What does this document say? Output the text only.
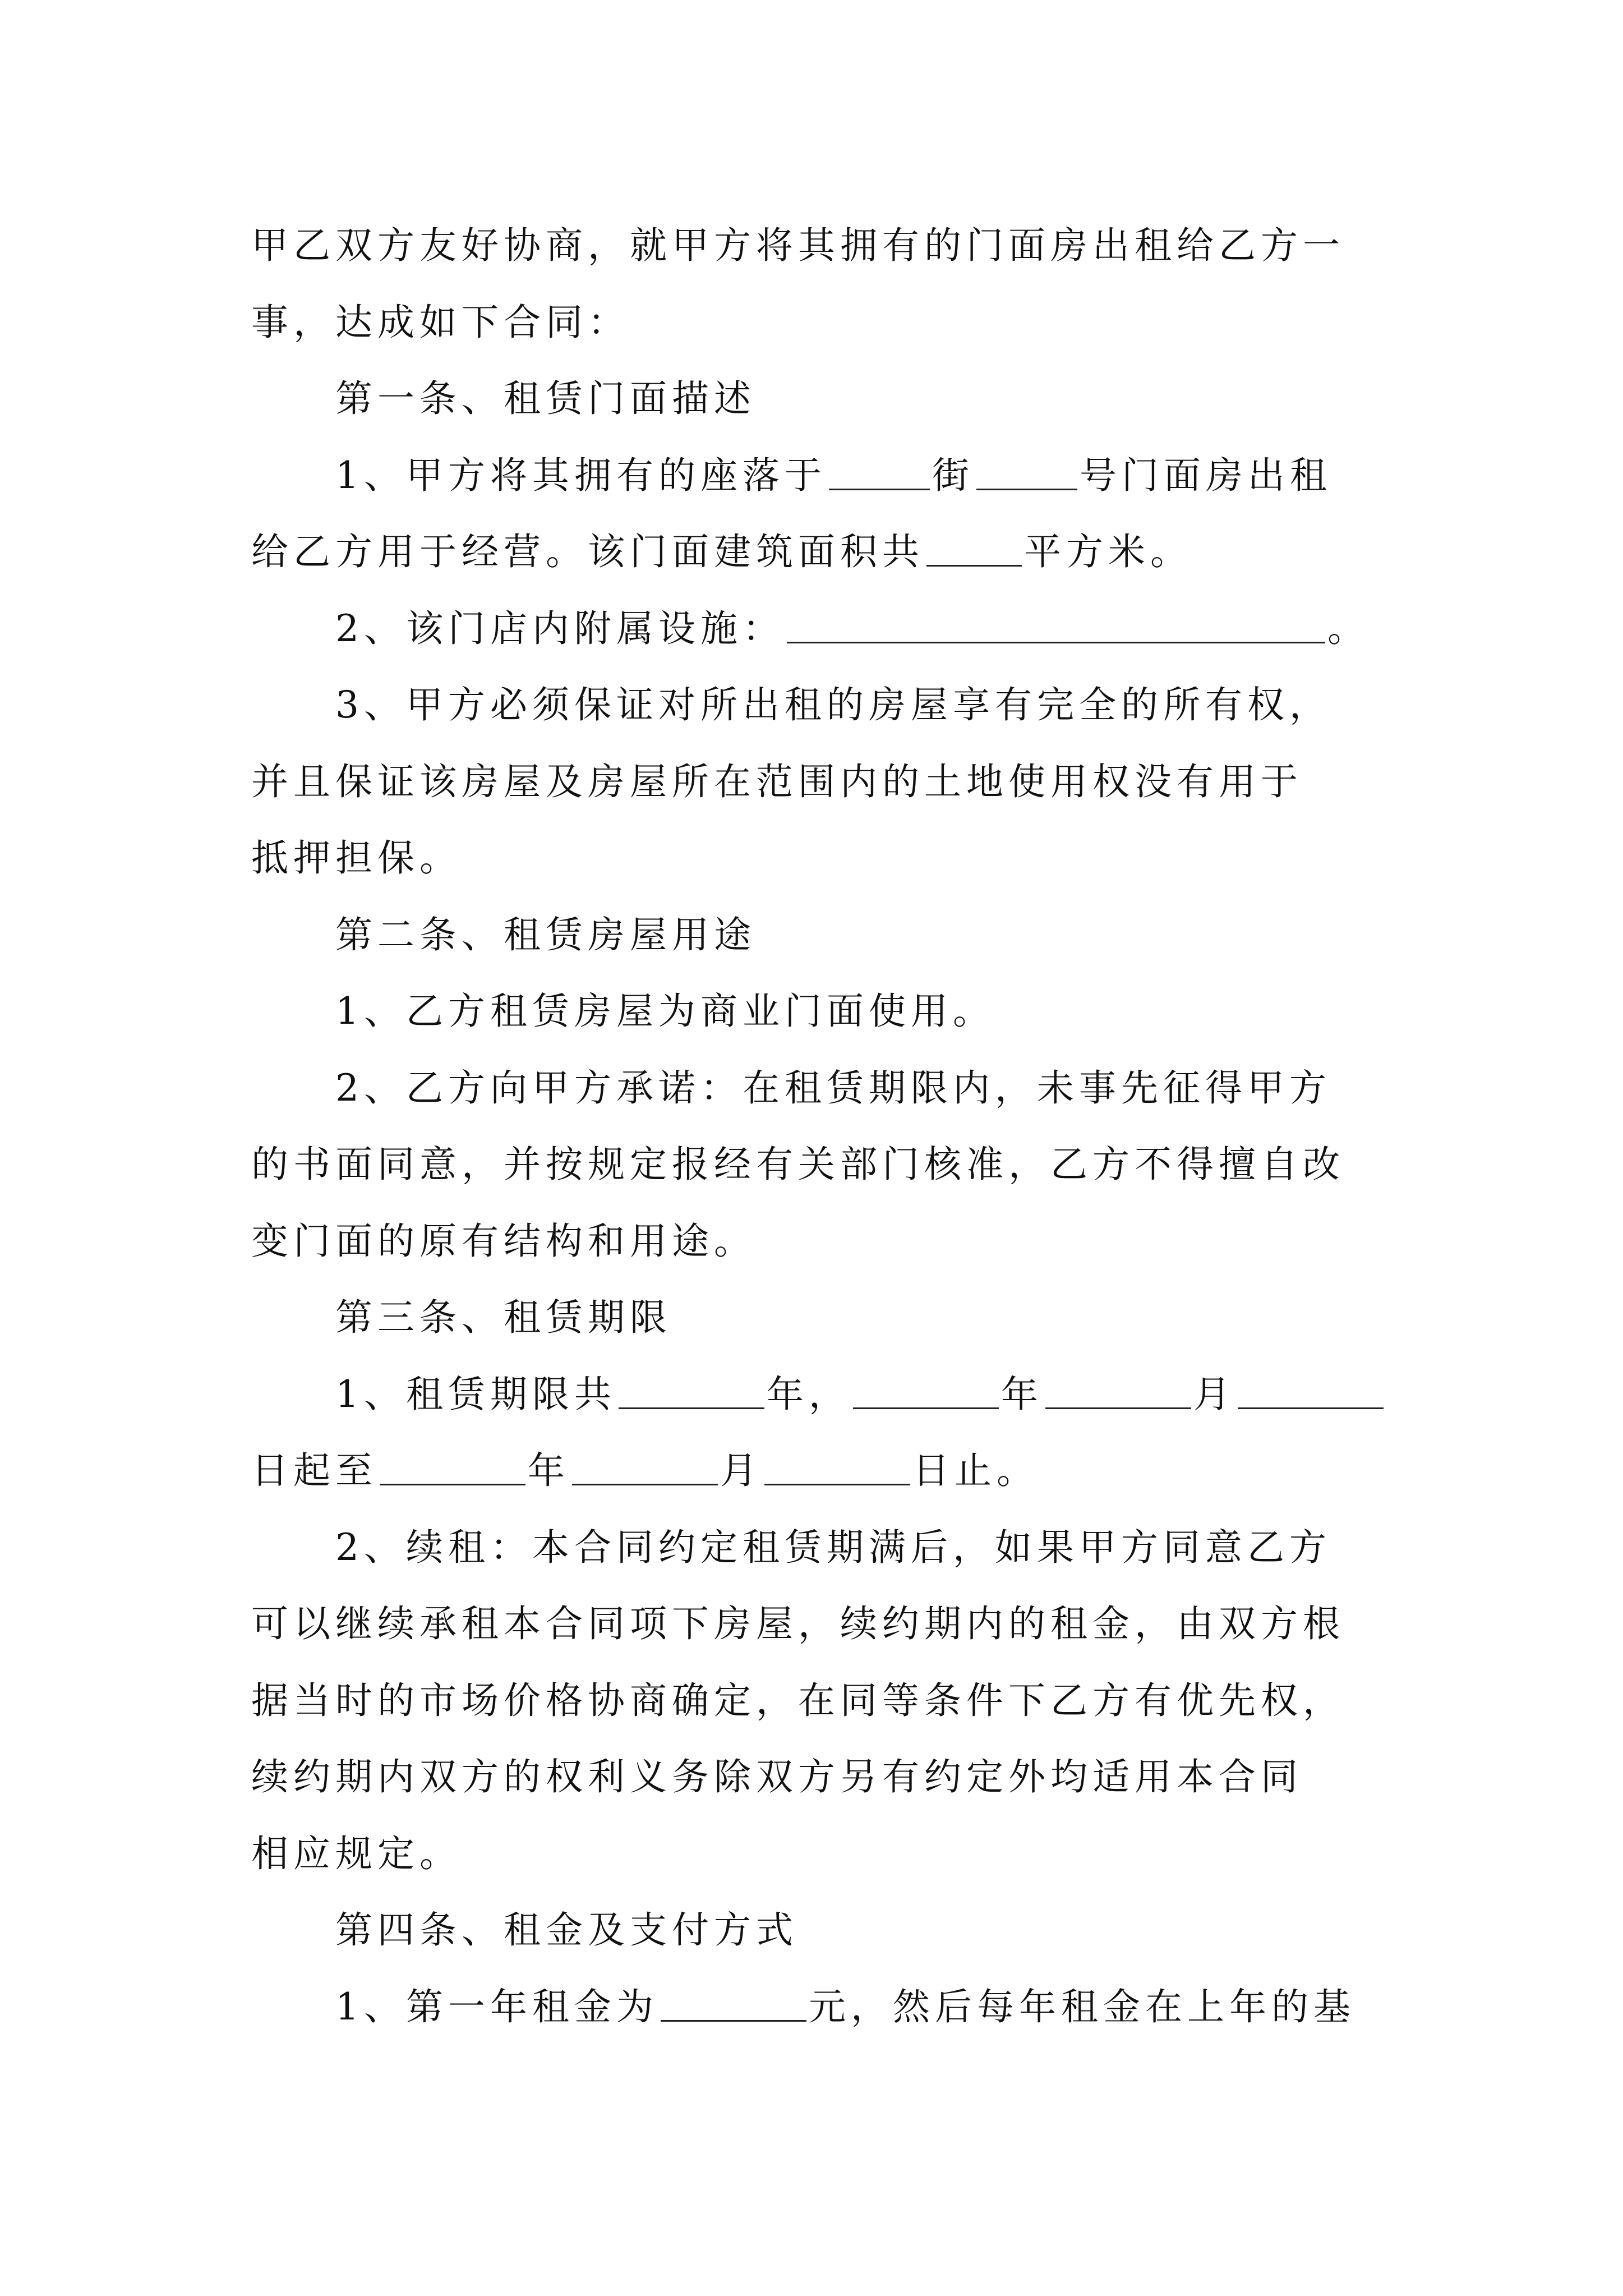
甲乙双方友好协商，就甲方将其拥有的门面房出租给乙方一
事，达成如下合同：
第一条、租赁门面描述
1、甲方将其拥有的座落于	街	号门面房出租
给乙方用于经营。该门面建筑面积共	平方米。
2、该门店内附属设施：	。
3、甲方必须保证对所出租的房屋享有完全的所有权，
并且保证该房屋及房屋所在范围内的土地使用权没有用于
抵押担保。
第二条、租赁房屋用途
1、乙方租赁房屋为商业门面使用。
2、乙方向甲方承诺：在租赁期限内，未事先征得甲方
的书面同意，并按规定报经有关部门核准，乙方不得擅自改
变门面的原有结构和用途。
第三条、租赁期限
1、租赁期限共	年，	年	月
日起至	年	月	日止。
2、续租：本合同约定租赁期满后，如果甲方同意乙方
可以继续承租本合同项下房屋，续约期内的租金，由双方根
据当时的市场价格协商确定，在同等条件下乙方有优先权，
续约期内双方的权利义务除双方另有约定外均适用本合同
相应规定。
第四条、租金及支付方式
1、第一年租金为	元，然后每年租金在上年的基
